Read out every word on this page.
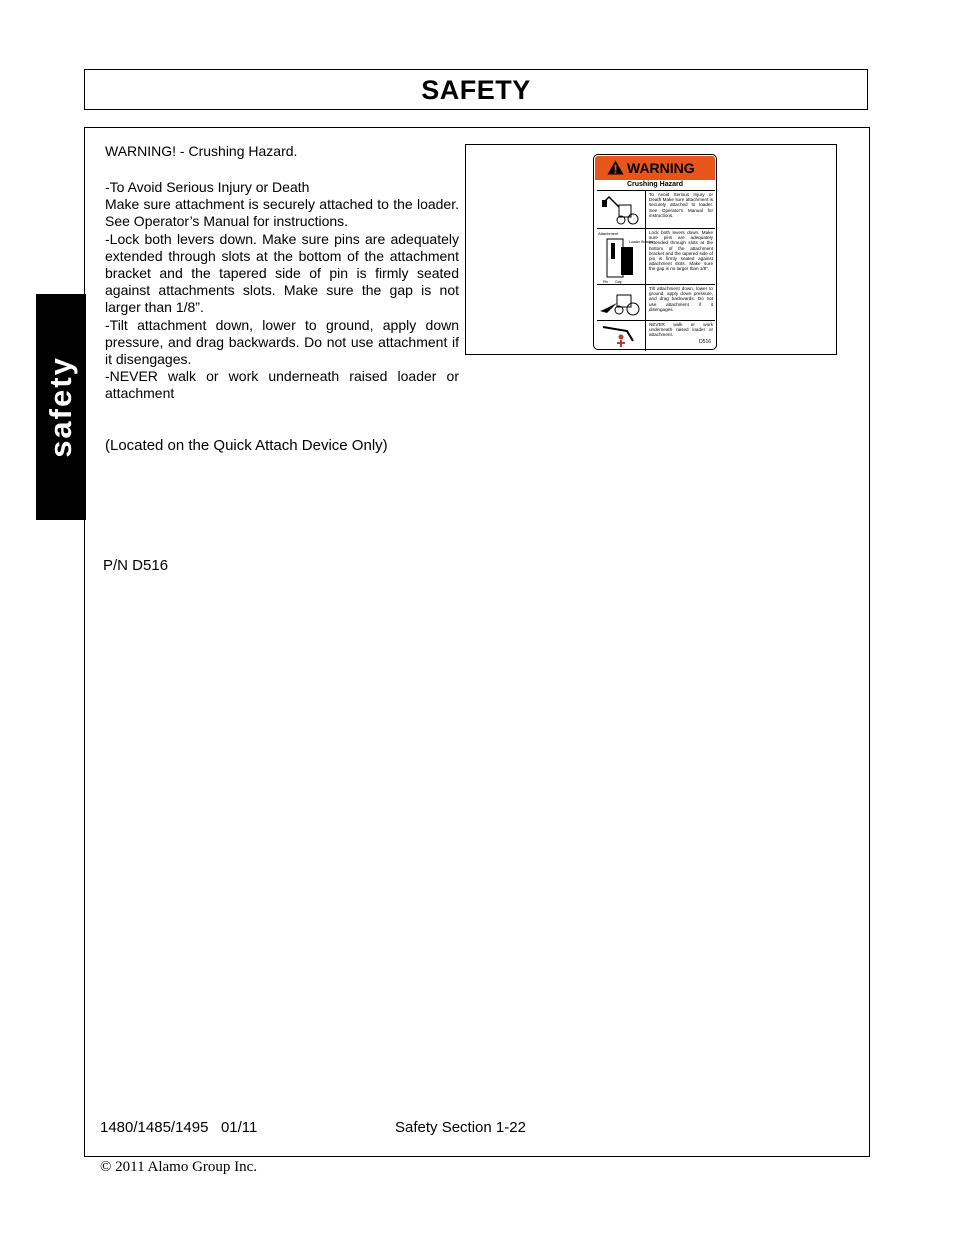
SAFETY
safety
WARNING! - Crushing Hazard.

-To Avoid Serious Injury or Death

Make sure attachment is securely attached to the loader. See Operator’s Manual for instructions.

-Lock both levers down. Make sure pins are adequately extended through slots at the bottom of the attachment bracket and the tapered side of pin is firmly seated against attachments slots. Make sure the gap is not larger than 1/8”.

-Tilt attachment down, lower to ground, apply down pressure, and drag backwards. Do not use attachment if it disengages.

-NEVER walk or work underneath raised loader or attachment

(Located on the Quick Attach Device Only)
P/N D516
WARNING
Crushing Hazard
To Avoid Serious Injury or Death Make sure attachment is securely attached to loader. See Operator's Manual for instructions.
Attachment
Loader Bracket
Pin Gap
Lock both levers down. Make sure pins are adequately extended through slots at the bottom of the attachment bracket and the tapered side of pin is firmly seated against attachment slots. Make sure the gap is no larger than 1/8".
Tilt attachment down, lower to ground, apply down pressure, and drag backwards. Do not use attachment if it disengages.
NEVER walk or work underneath raised loader or attachment.
D516
1480/1485/1495   01/11	Safety Section 1-22
© 2011 Alamo Group Inc.
